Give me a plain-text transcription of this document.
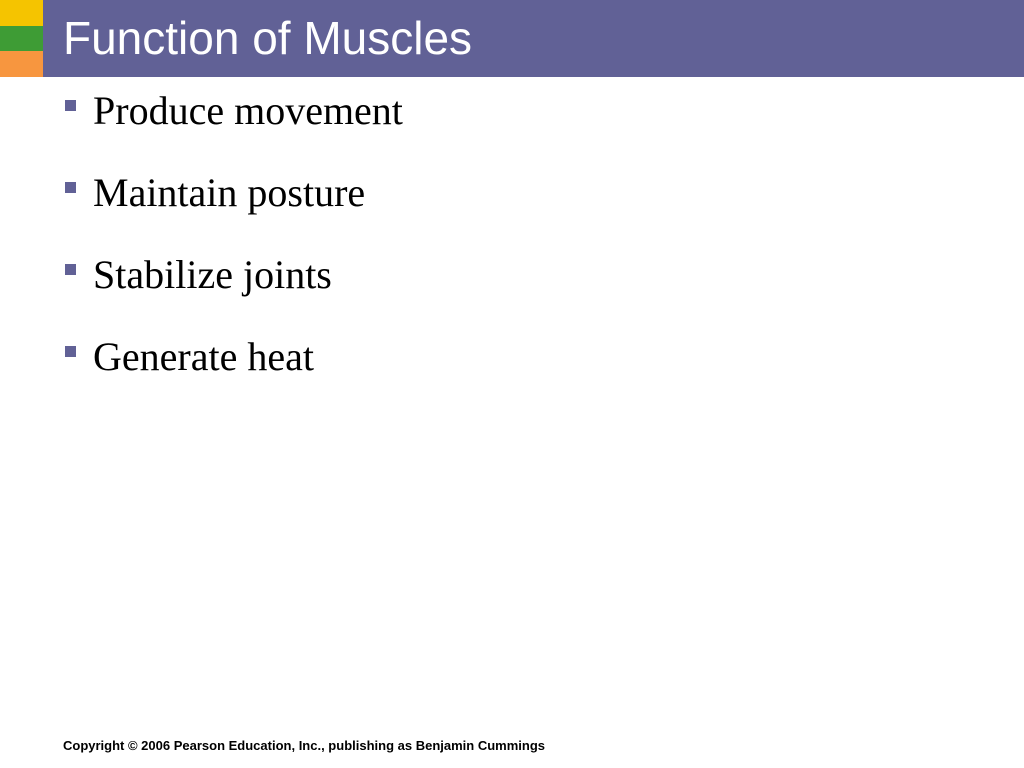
Function of Muscles
Produce movement
Maintain posture
Stabilize joints
Generate heat
Copyright © 2006 Pearson Education, Inc., publishing as Benjamin Cummings
